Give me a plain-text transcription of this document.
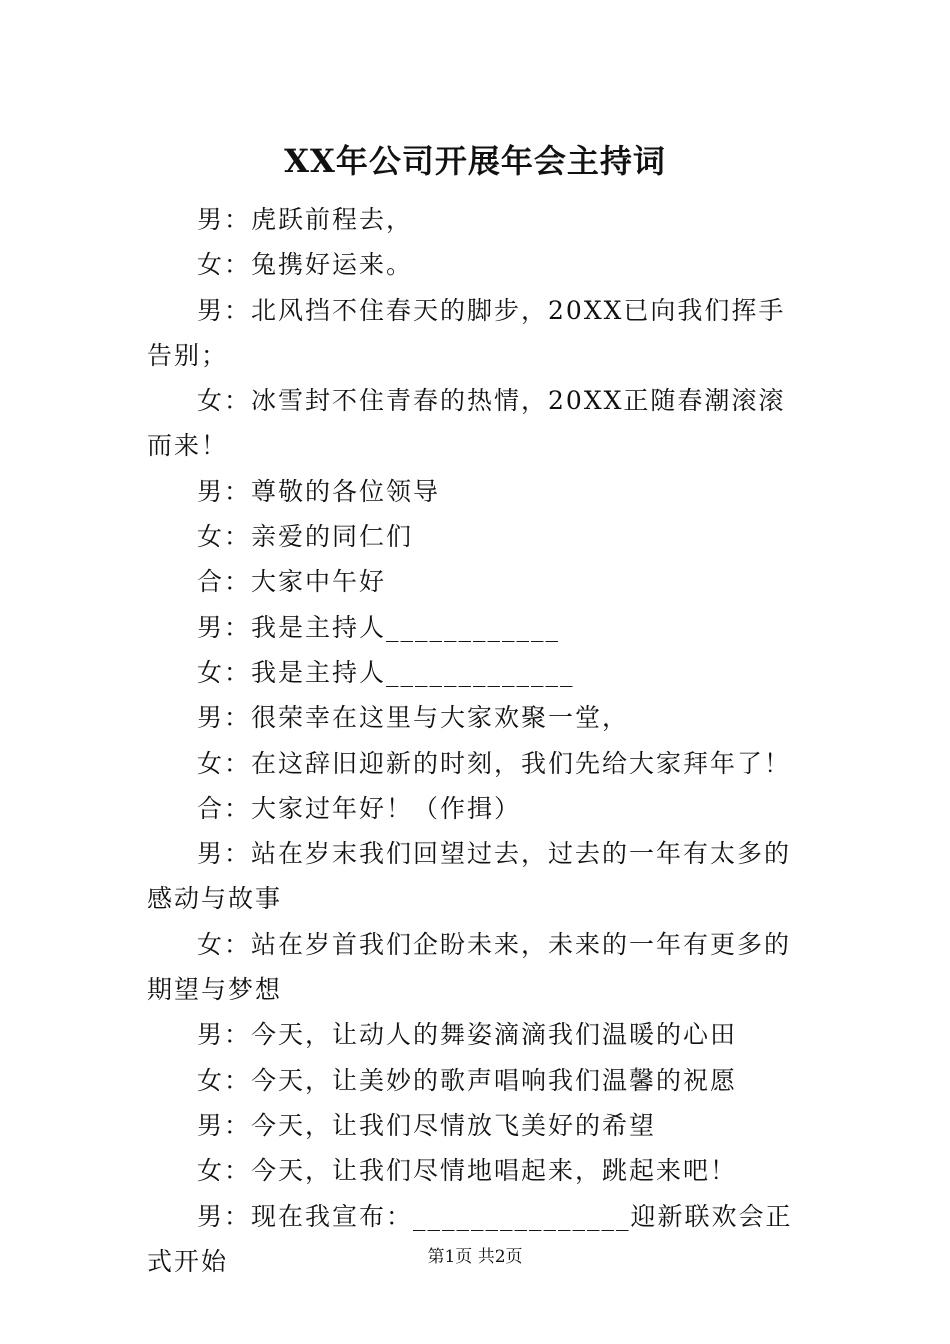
XX年公司开展年会主持词

男：虎跃前程去，

女：兔携好运来。

男：北风挡不住春天的脚步，20XX已向我们挥手告别；

女：冰雪封不住青春的热情，20XX正随春潮滚滚而来！

男：尊敬的各位领导

女：亲爱的同仁们

合：大家中午好

男：我是主持人____________

女：我是主持人_____________

男：很荣幸在这里与大家欢聚一堂，

女：在这辞旧迎新的时刻，我们先给大家拜年了！

合：大家过年好！（作揖）

男：站在岁末我们回望过去，过去的一年有太多的感动与故事

女：站在岁首我们企盼未来，未来的一年有更多的期望与梦想

男：今天，让动人的舞姿滴滴我们温暖的心田

女：今天，让美妙的歌声唱响我们温馨的祝愿

男：今天，让我们尽情放飞美好的希望

女：今天，让我们尽情地唱起来，跳起来吧！

男：现在我宣布：_______________迎新联欢会正式开始	第1页 共2页
